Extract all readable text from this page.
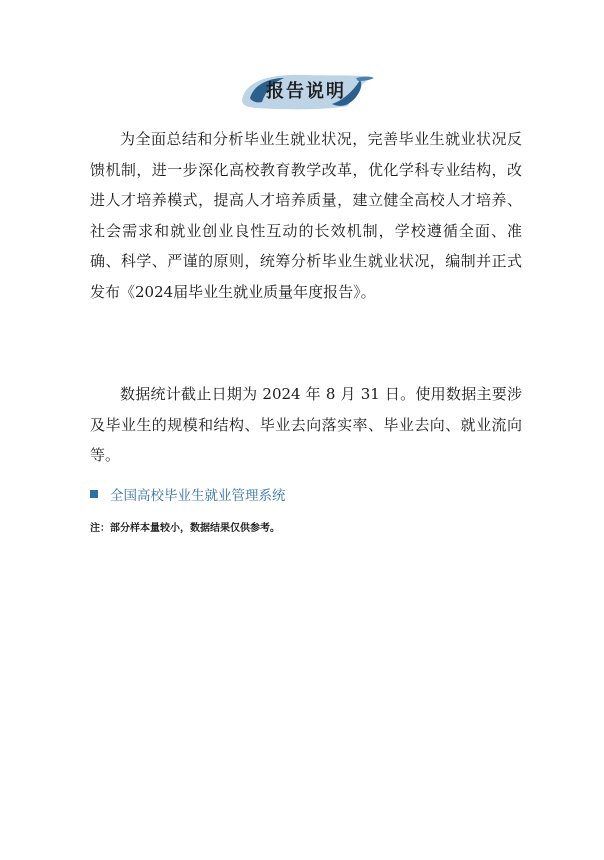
报告说明

为全面总结和分析毕业生就业状况，完善毕业生就业状况反馈机制，进一步深化高校教育教学改革，优化学科专业结构，改进人才培养模式，提高人才培养质量，建立健全高校人才培养、社会需求和就业创业良性互动的长效机制，学校遵循全面、准确、科学、严谨的原则，统筹分析毕业生就业状况，编制并正式发布《2024届毕业生就业质量年度报告》。

数据统计截止日期为 2024 年 8 月 31 日。使用数据主要涉及毕业生的规模和结构、毕业去向落实率、毕业去向、就业流向等。

全国高校毕业生就业管理系统
注：部分样本量较小，数据结果仅供参考。
